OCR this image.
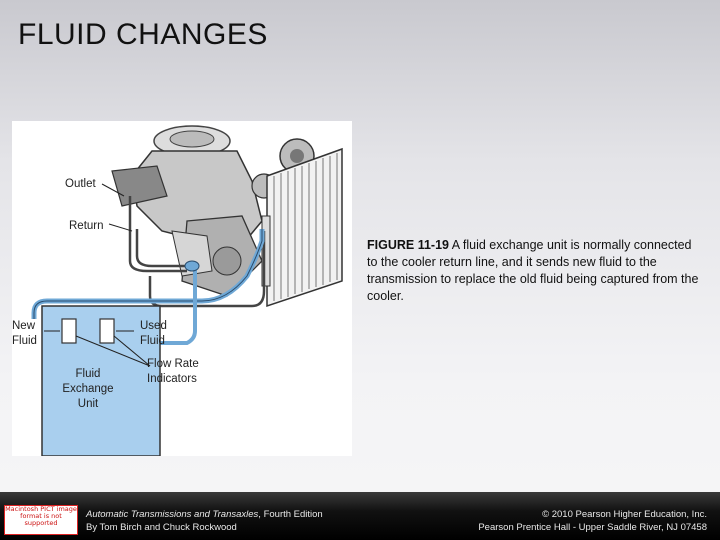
FLUID CHANGES
Outlet
Return
New
Fluid
Used
Fluid
Flow Rate
Indicators
Fluid
Exchange
Unit
FIGURE 11-19 A fluid exchange unit is normally connected to the cooler return line, and it sends new fluid to the transmission to replace the old fluid being captured from the cooler.
Macintosh PICT image format is not supported
Automatic Transmissions and Transaxles, Fourth Edition
By Tom Birch and Chuck Rockwood
© 2010 Pearson Higher Education, Inc.
Pearson Prentice Hall - Upper Saddle River, NJ 07458
